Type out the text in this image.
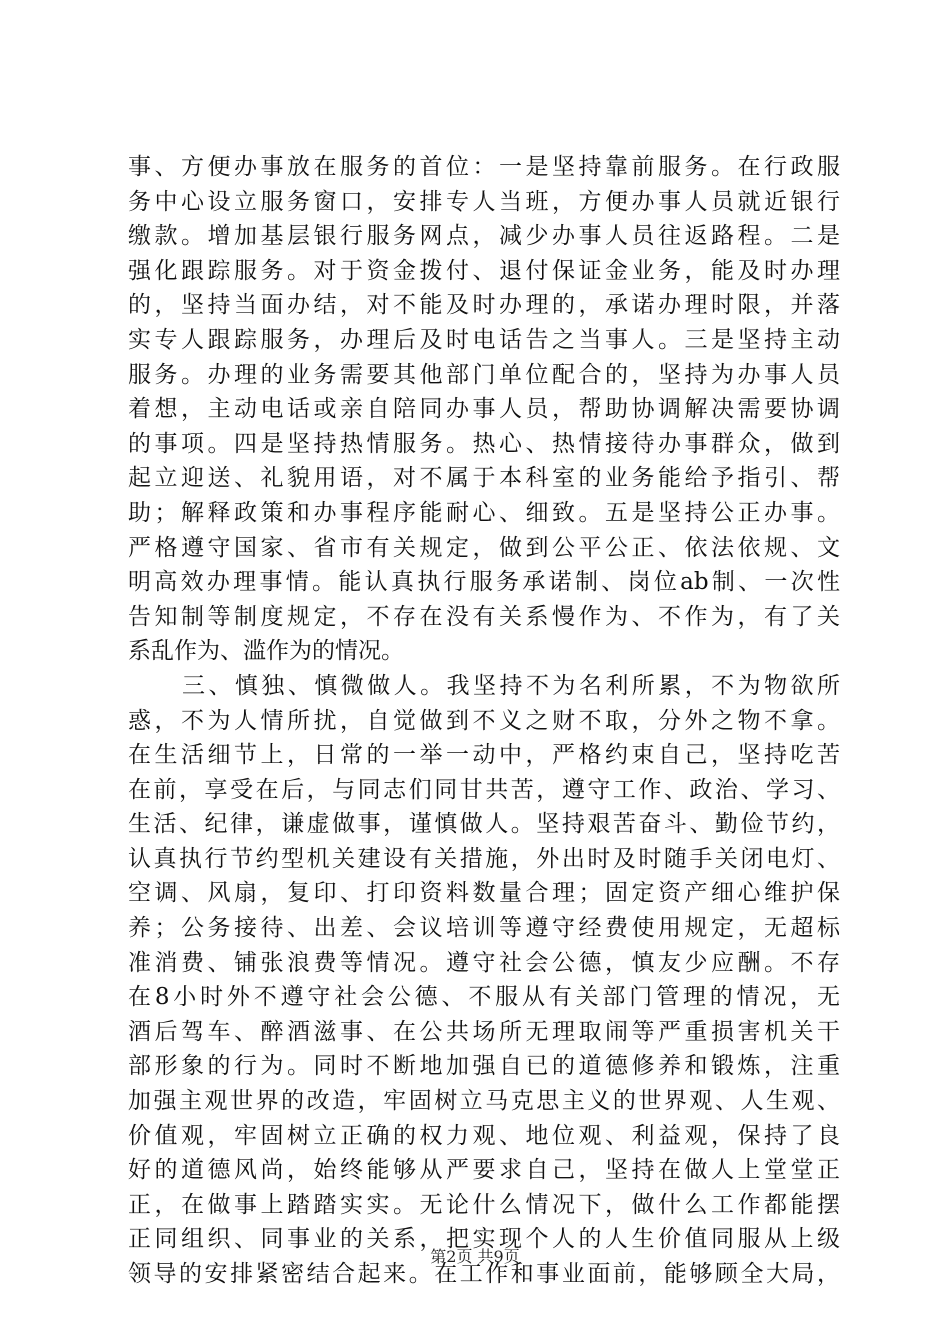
事、方便办事放在服务的首位：一是坚持靠前服务。在行政服
务中心设立服务窗口，安排专人当班，方便办事人员就近银行
缴款。增加基层银行服务网点，减少办事人员往返路程。二是
强化跟踪服务。对于资金拨付、退付保证金业务，能及时办理
的，坚持当面办结，对不能及时办理的，承诺办理时限，并落
实专人跟踪服务，办理后及时电话告之当事人。三是坚持主动
服务。办理的业务需要其他部门单位配合的，坚持为办事人员
着想，主动电话或亲自陪同办事人员，帮助协调解决需要协调
的事项。四是坚持热情服务。热心、热情接待办事群众，做到
起立迎送、礼貌用语，对不属于本科室的业务能给予指引、帮
助；解释政策和办事程序能耐心、细致。五是坚持公正办事。
严格遵守国家、省市有关规定，做到公平公正、依法依规、文
明高效办理事情。能认真执行服务承诺制、岗位ab制、一次性
告知制等制度规定，不存在没有关系慢作为、不作为，有了关
系乱作为、滥作为的情况。
三、慎独、慎微做人。我坚持不为名利所累，不为物欲所
惑，不为人情所扰，自觉做到不义之财不取，分外之物不拿。
在生活细节上，日常的一举一动中，严格约束自己，坚持吃苦
在前，享受在后，与同志们同甘共苦，遵守工作、政治、学习、
生活、纪律，谦虚做事，谨慎做人。坚持艰苦奋斗、勤俭节约，
认真执行节约型机关建设有关措施，外出时及时随手关闭电灯、
空调、风扇，复印、打印资料数量合理；固定资产细心维护保
养；公务接待、出差、会议培训等遵守经费使用规定，无超标
准消费、铺张浪费等情况。遵守社会公德，慎友少应酬。不存
在8小时外不遵守社会公德、不服从有关部门管理的情况，无
酒后驾车、醉酒滋事、在公共场所无理取闹等严重损害机关干
部形象的行为。同时不断地加强自已的道德修养和锻炼，注重
加强主观世界的改造，牢固树立马克思主义的世界观、人生观、
价值观，牢固树立正确的权力观、地位观、利益观，保持了良
好的道德风尚，始终能够从严要求自己，坚持在做人上堂堂正
正，在做事上踏踏实实。无论什么情况下，做什么工作都能摆
正同组织、同事业的关系，把实现个人的人生价值同服从上级
领导的安排紧密结合起来。在工作和事业面前，能够顾全大局，
第2页 共9页
